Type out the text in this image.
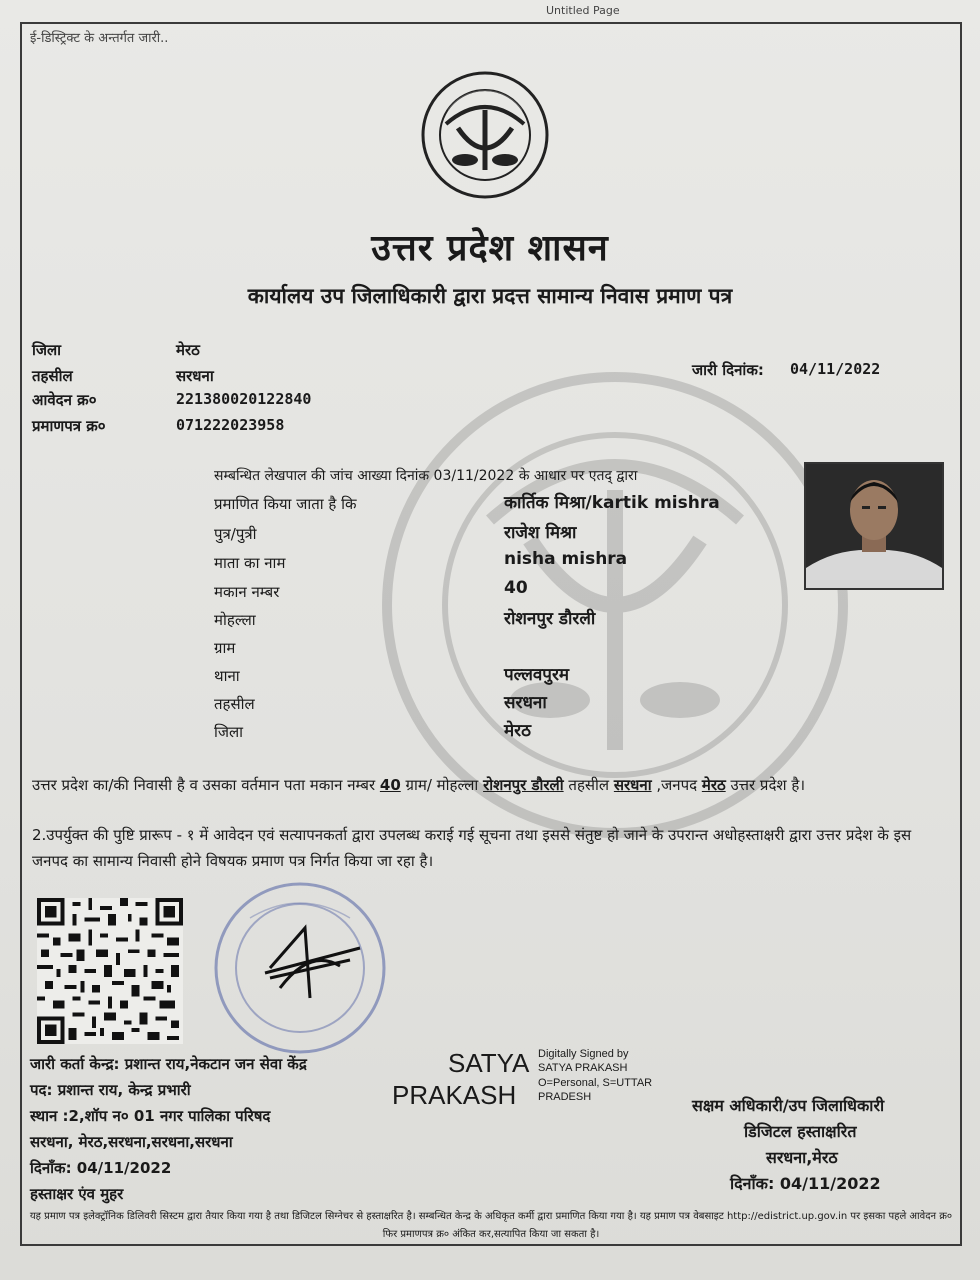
Untitled Page
ई-डिस्ट्रिक्ट के अन्तर्गत जारी..
उत्तर प्रदेश शासन
कार्यालय उप जिलाधिकारी द्वारा प्रदत्त सामान्य निवास प्रमाण पत्र
जिला	मेरठ
तहसील	सरधना
आवेदन क्र०	221380020122840
प्रमाणपत्र क्र०	071222023958
जारी दिनांक: 04/11/2022
सम्बन्धित लेखपाल की जांच आख्या दिनांक 03/11/2022 के आधार पर एतद् द्वारा
प्रमाणित किया जाता है कि	कार्तिक मिश्रा/kartik mishra
पुत्र/पुत्री	राजेश मिश्रा
माता का नाम	nisha mishra
मकान नम्बर	40
मोहल्ला	रोशनपुर डौरली
ग्राम
थाना	पल्लवपुरम
तहसील	सरधना
जिला	मेरठ
उत्तर प्रदेश का/की निवासी है व उसका वर्तमान पता मकान नम्बर 40 ग्राम/ मोहल्ला रोशनपुर डौरली तहसील सरधना ,जनपद मेरठ उत्तर प्रदेश है।
2.उपर्युक्त की पुष्टि प्रारूप - १ में आवेदन एवं सत्यापनकर्ता द्वारा उपलब्ध कराई गई सूचना तथा इससे संतुष्ट हो जाने के उपरान्त अधोहस्ताक्षरी द्वारा उत्तर प्रदेश के इस जनपद का सामान्य निवासी होने विषयक प्रमाण पत्र निर्गत किया जा रहा है।
जारी कर्ता केन्द्र: प्रशान्त राय,नेकटान जन सेवा केंद्र
पद: प्रशान्त राय, केन्द्र प्रभारी
स्थान :2,शॉप न० 01 नगर पालिका परिषद
सरधना, मेरठ,सरधना,सरधना,सरधना
दिनाँक: 04/11/2022
हस्ताक्षर एंव मुहर
SATYA
PRAKASH
Digitally Signed by
SATYA PRAKASH
O=Personal, S=UTTAR
PRADESH	सक्षम अधिकारी/उप जिलाधिकारी
डिजिटल हस्ताक्षरित
सरधना,मेरठ
दिनाँक: 04/11/2022
यह प्रमाण पत्र इलेक्ट्रॉनिक डिलिवरी सिस्टम द्वारा तैयार किया गया है तथा डिजिटल सिग्नेचर से हस्ताक्षरित है। सम्बन्धित केन्द्र के अधिकृत कर्मी द्वारा प्रमाणित किया गया है। यह प्रमाण पत्र वेबसाइट http://edistrict.up.gov.in पर इसका पहले आवेदन क्र० फिर प्रमाणपत्र क्र० अंकित कर,सत्यापित किया जा सकता है।
